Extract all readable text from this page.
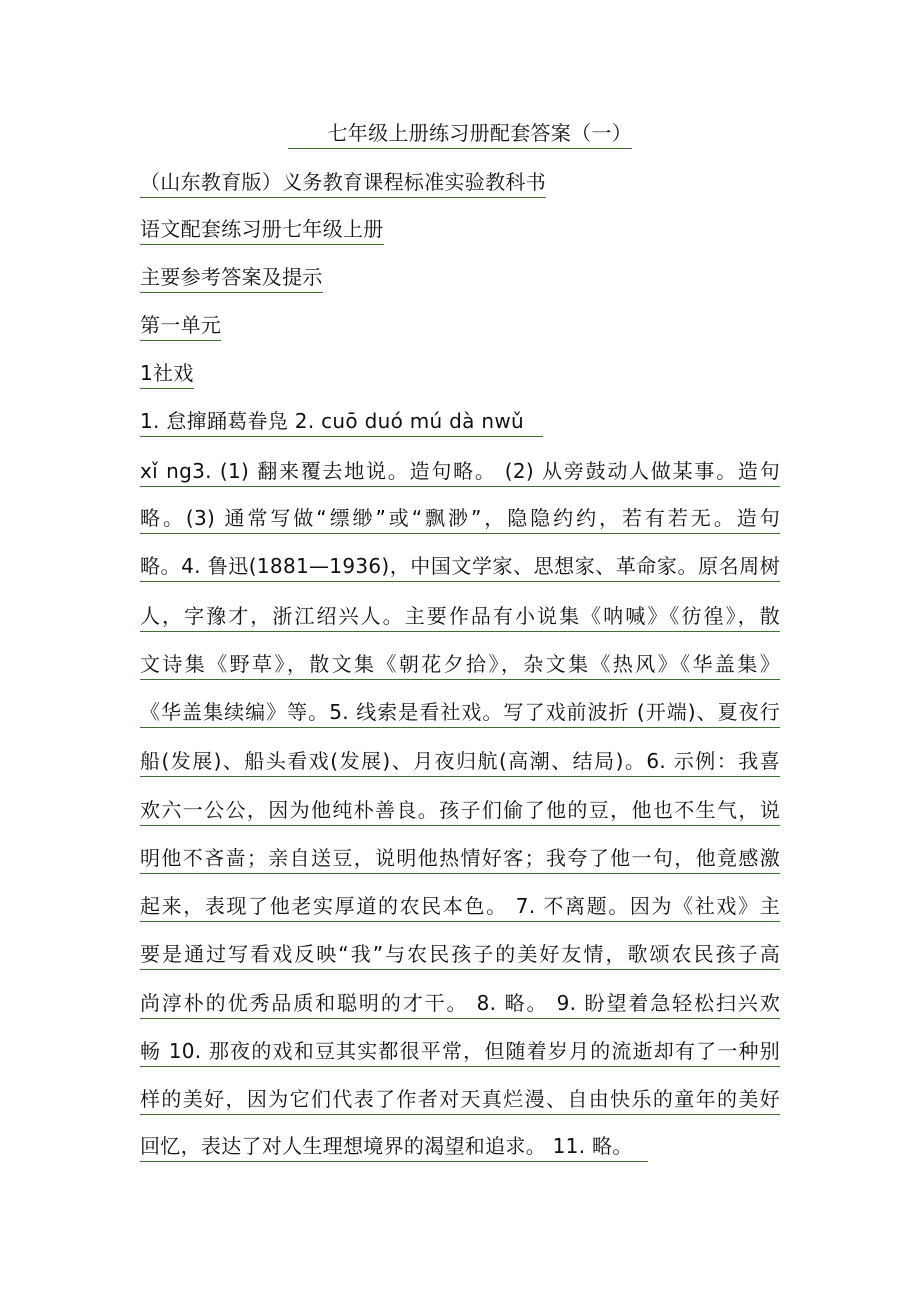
七年级上册练习册配套答案（一）
（山东教育版）义务教育课程标准实验教科书
语文配套练习册七年级上册
主要参考答案及提示
第一单元
1社戏
1. 怠撺踊葛眷凫 2. cuō duó mú dà nwǔ
xǐ ng3. (1) 翻来覆去地说。造句略。 (2) 从旁鼓动人做某事。造句
略。(3) 通常写做“缥缈”或“飘渺”，隐隐约约，若有若无。造句
略。4. 鲁迅(1881—1936)，中国文学家、思想家、革命家。原名周树
人，字豫才，浙江绍兴人。主要作品有小说集《呐喊》《彷徨》，散
文诗集《野草》，散文集《朝花夕拾》，杂文集《热风》《华盖集》
《华盖集续编》等。5. 线索是看社戏。写了戏前波折 (开端)、夏夜行
船(发展)、船头看戏(发展)、月夜归航(高潮、结局)。6. 示例：我喜
欢六一公公，因为他纯朴善良。孩子们偷了他的豆，他也不生气，说
明他不吝啬；亲自送豆，说明他热情好客；我夸了他一句，他竟感激
起来，表现了他老实厚道的农民本色。 7. 不离题。因为《社戏》主
要是通过写看戏反映“我”与农民孩子的美好友情，歌颂农民孩子高
尚淳朴的优秀品质和聪明的才干。 8. 略。 9. 盼望着急轻松扫兴欢
畅 10. 那夜的戏和豆其实都很平常，但随着岁月的流逝却有了一种别
样的美好，因为它们代表了作者对天真烂漫、自由快乐的童年的美好
回忆，表达了对人生理想境界的渴望和追求。 11. 略。
